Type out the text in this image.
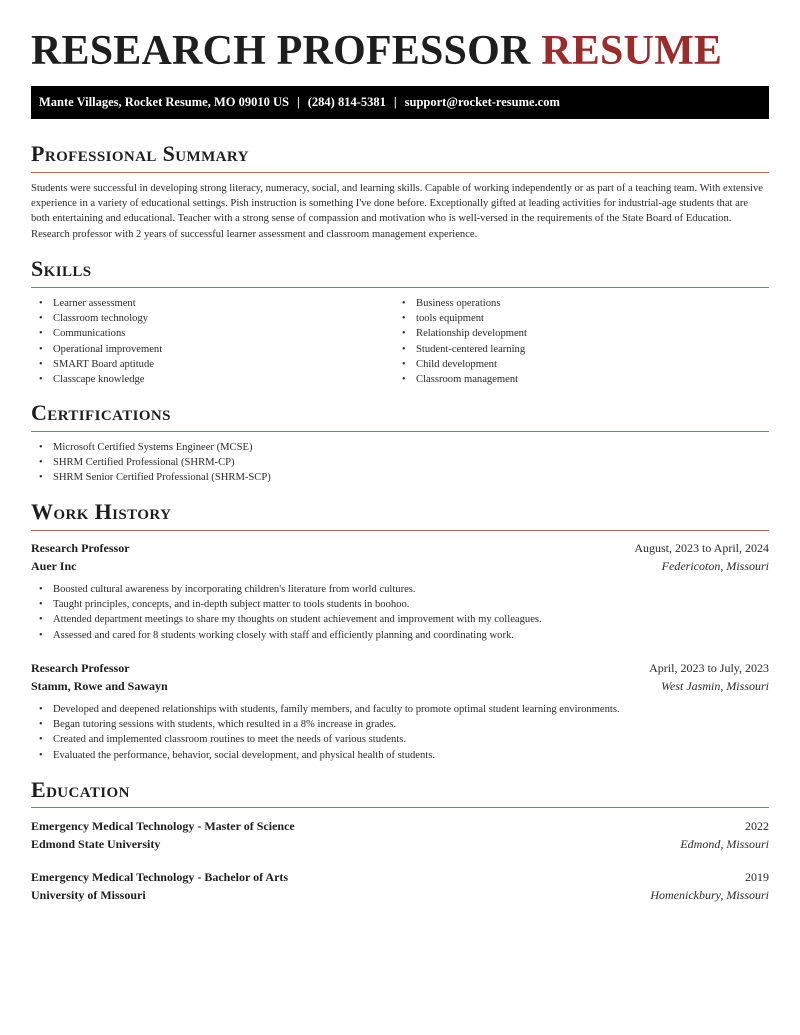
RESEARCH PROFESSOR RESUME
Mante Villages, Rocket Resume, MO 09010 US | (284) 814-5381 | support@rocket-resume.com
Professional Summary

Students were successful in developing strong literacy, numeracy, social, and learning skills. Capable of working independently or as part of a teaching team. With extensive experience in a variety of educational settings. Pish instruction is something I've done before. Exceptionally gifted at leading activities for industrial-age students that are both entertaining and educational. Teacher with a strong sense of compassion and motivation who is well-versed in the requirements of the State Board of Education. Research professor with 2 years of successful learner assessment and classroom management experience.

Skills
• Learner assessment
• Classroom technology
• Communications
• Operational improvement
• SMART Board aptitude
• Classcape knowledge
• Business operations
• tools equipment
• Relationship development
• Student-centered learning
• Child development
• Classroom management
Certifications
• Microsoft Certified Systems Engineer (MCSE)
• SHRM Certified Professional (SHRM-CP)
• SHRM Senior Certified Professional (SHRM-SCP)
Work History
Research Professor	August, 2023 to April, 2024
Auer Inc	Federicoton, Missouri
• Boosted cultural awareness by incorporating children's literature from world cultures.
• Taught principles, concepts, and in-depth subject matter to tools students in boohoo.
• Attended department meetings to share my thoughts on student achievement and improvement with my colleagues.
• Assessed and cared for 8 students working closely with staff and efficiently planning and coordinating work.
Research Professor	April, 2023 to July, 2023
Stamm, Rowe and Sawayn	West Jasmin, Missouri
• Developed and deepened relationships with students, family members, and faculty to promote optimal student learning environments.
• Began tutoring sessions with students, which resulted in a 8% increase in grades.
• Created and implemented classroom routines to meet the needs of various students.
• Evaluated the performance, behavior, social development, and physical health of students.
Education
Emergency Medical Technology - Master of Science	2022
Edmond State University	Edmond, Missouri
Emergency Medical Technology - Bachelor of Arts	2019
University of Missouri	Homenickbury, Missouri
